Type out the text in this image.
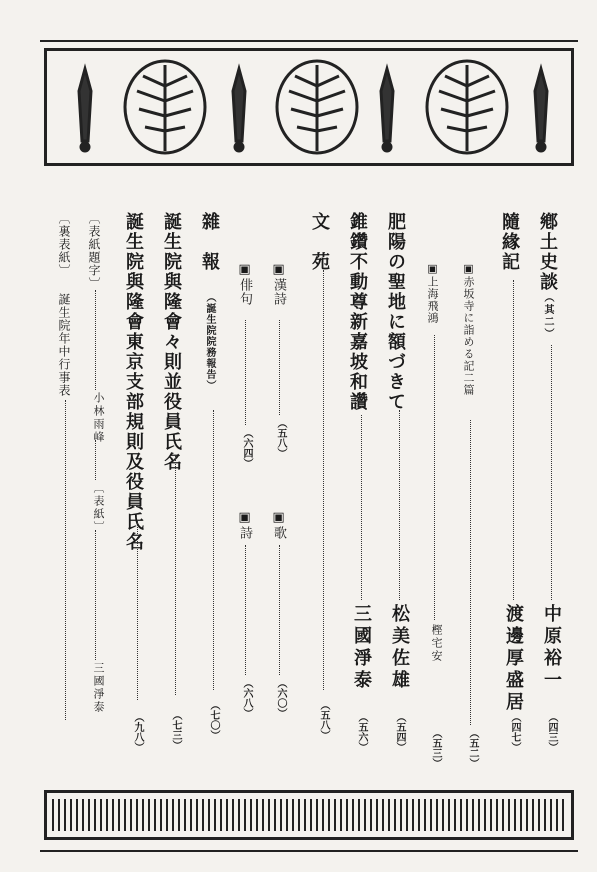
鄕土史談（其二）
中原裕一
（四三）
隨緣記
渡邊厚盛居
（四七）
▣赤坂寺に詣める記二篇
（五二）
▣上海飛鴻
樫宅安
（五三）
肥陽の聖地に額づきて
松美佐雄
（五四）
錐鑽不動尊新嘉坡和讚
三國淨泰
（五六）
文苑
（五八）
▣漢詩
（五八）
▣歌
（六〇）
▣俳句
（六四）
▣詩
（六八）
雜報（誕生院院務報告）
（七〇）
誕生院與隆會々則並役員氏名
（七三）
誕生院與隆會東京支部規則及役員氏名
（九八）
〔表紙題字〕
小林雨峰
〔表紙〕
三國淨泰
〔裏表紙〕誕生院年中行事表
